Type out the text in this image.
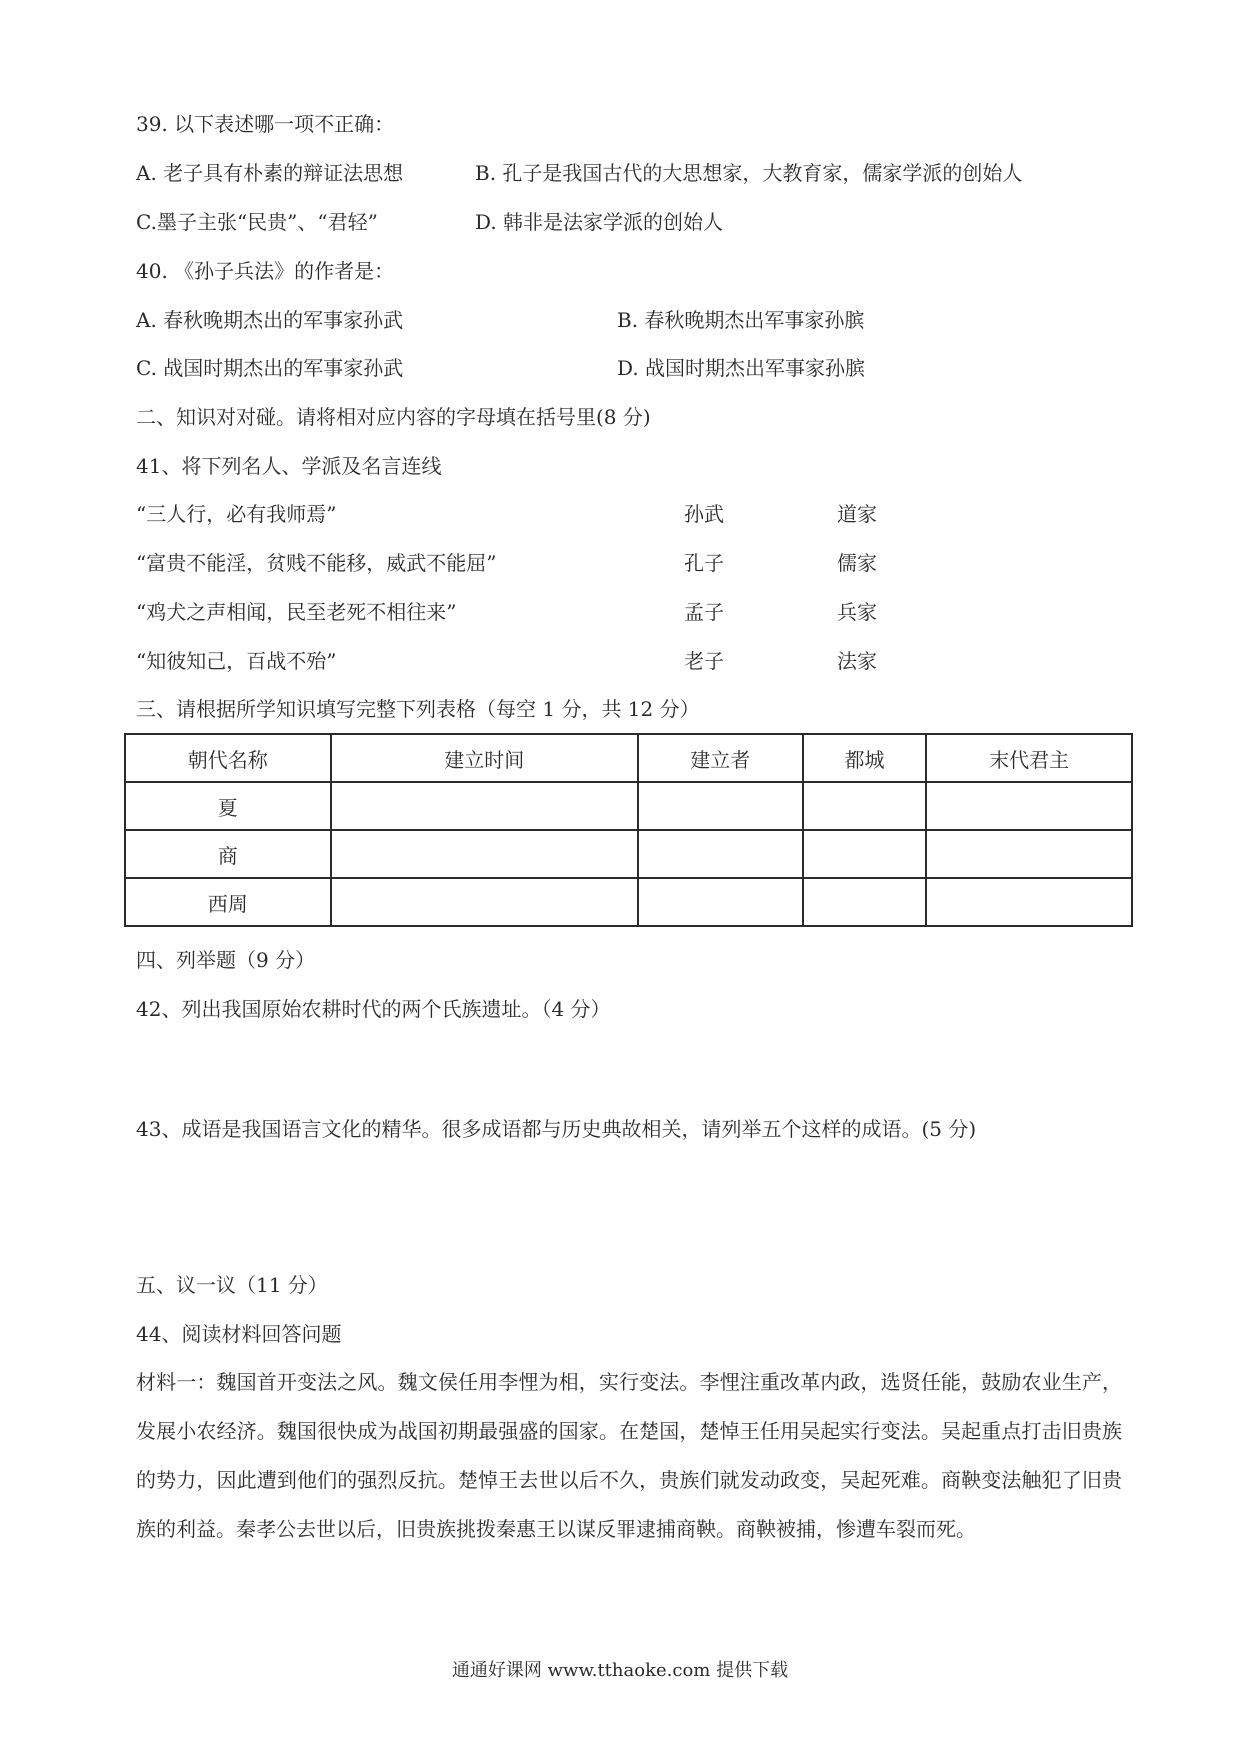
39. 以下表述哪一项不正确：
A. 老子具有朴素的辩证法思想	B. 孔子是我国古代的大思想家，大教育家，儒家学派的创始人
C.墨子主张“民贵”、“君轻”	D. 韩非是法家学派的创始人
40. 《孙子兵法》的作者是：
A. 春秋晚期杰出的军事家孙武	B. 春秋晚期杰出军事家孙膑
C. 战国时期杰出的军事家孙武	D. 战国时期杰出军事家孙膑
二、知识对对碰。请将相对应内容的字母填在括号里(8 分)
41、将下列名人、学派及名言连线
“三人行，必有我师焉”	孙武	道家
“富贵不能淫，贫贱不能移，威武不能屈”	孔子	儒家
“鸡犬之声相闻，民至老死不相往来”	孟子	兵家
“知彼知己，百战不殆”	老子	法家
三、请根据所学知识填写完整下列表格（每空 1 分，共 12 分）
朝代名称	建立时间	建立者	都城	末代君主
夏				
商				
西周				
四、列举题（9 分）
42、列出我国原始农耕时代的两个氏族遗址。（4 分）
43、成语是我国语言文化的精华。很多成语都与历史典故相关，请列举五个这样的成语。(5 分)
五、议一议（11 分）
44、阅读材料回答问题
材料一：魏国首开变法之风。魏文侯任用李悝为相，实行变法。李悝注重改革内政，选贤任能，鼓励农业生产，发展小农经济。魏国很快成为战国初期最强盛的国家。在楚国，楚悼王任用吴起实行变法。吴起重点打击旧贵族的势力，因此遭到他们的强烈反抗。楚悼王去世以后不久，贵族们就发动政变，吴起死难。商鞅变法触犯了旧贵族的利益。秦孝公去世以后，旧贵族挑拨秦惠王以谋反罪逮捕商鞅。商鞅被捕，惨遭车裂而死。
通通好课网 www.tthaoke.com 提供下载
